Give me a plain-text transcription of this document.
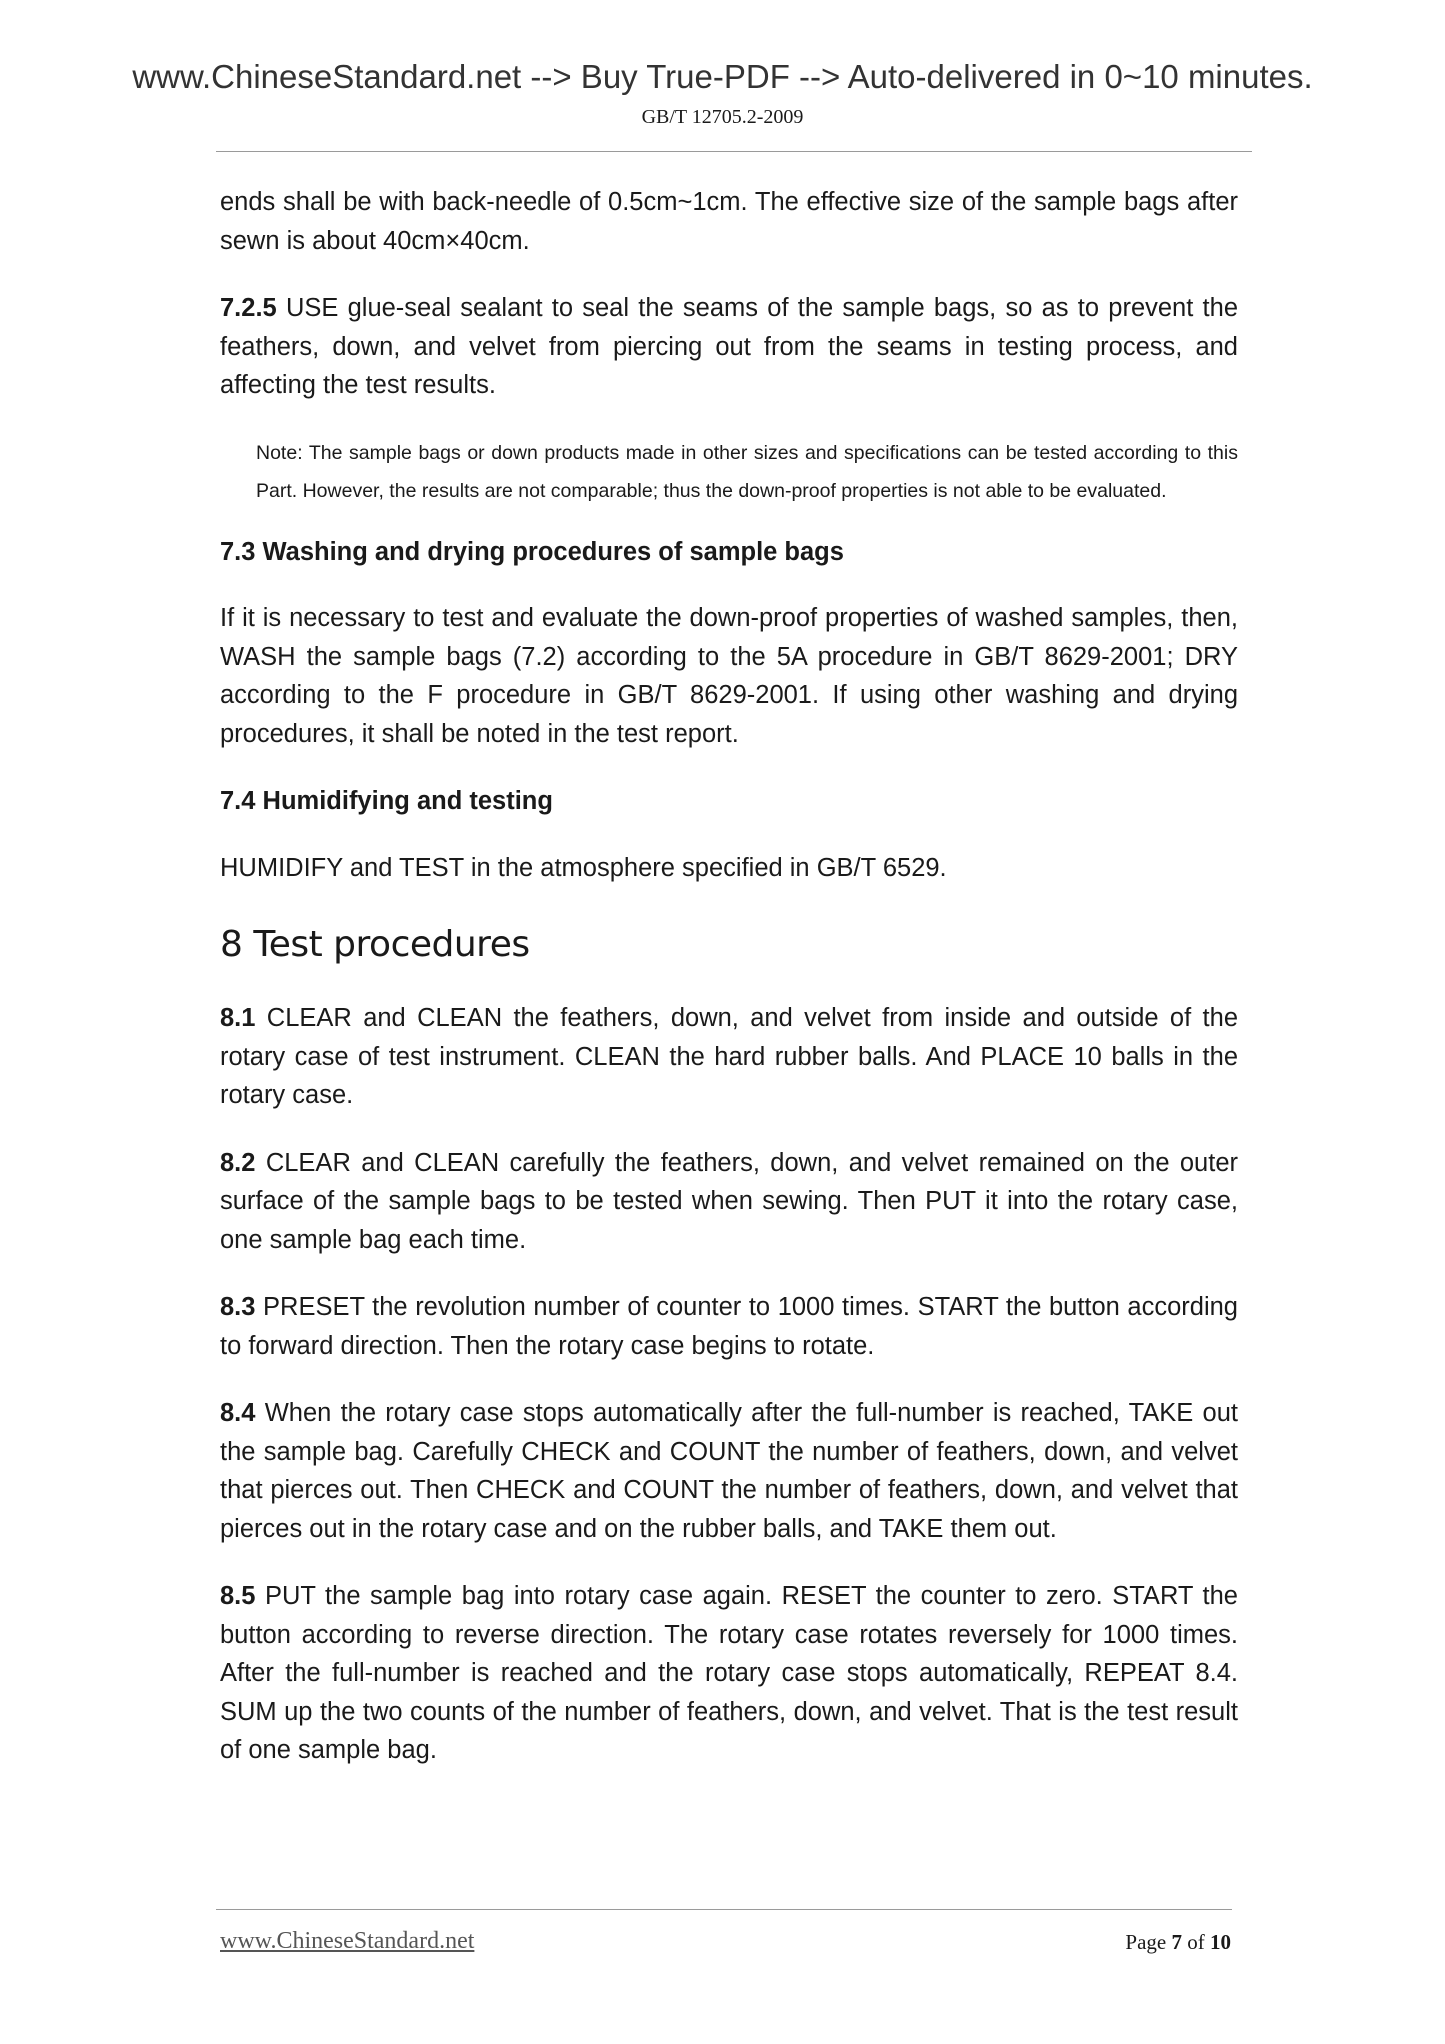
www.ChineseStandard.net --> Buy True-PDF --> Auto-delivered in 0~10 minutes.
GB/T 12705.2-2009

ends shall be with back-needle of 0.5cm~1cm. The effective size of the sample bags after sewn is about 40cm×40cm.

7.2.5 USE glue-seal sealant to seal the seams of the sample bags, so as to prevent the feathers, down, and velvet from piercing out from the seams in testing process, and affecting the test results.

Note: The sample bags or down products made in other sizes and specifications can be tested according to this Part. However, the results are not comparable; thus the down-proof properties is not able to be evaluated.

7.3 Washing and drying procedures of sample bags

If it is necessary to test and evaluate the down-proof properties of washed samples, then, WASH the sample bags (7.2) according to the 5A procedure in GB/T 8629-2001; DRY according to the F procedure in GB/T 8629-2001. If using other washing and drying procedures, it shall be noted in the test report.

7.4 Humidifying and testing

HUMIDIFY and TEST in the atmosphere specified in GB/T 6529.

8 Test procedures

8.1 CLEAR and CLEAN the feathers, down, and velvet from inside and outside of the rotary case of test instrument. CLEAN the hard rubber balls. And PLACE 10 balls in the rotary case.

8.2 CLEAR and CLEAN carefully the feathers, down, and velvet remained on the outer surface of the sample bags to be tested when sewing. Then PUT it into the rotary case, one sample bag each time.

8.3 PRESET the revolution number of counter to 1000 times. START the button according to forward direction. Then the rotary case begins to rotate.

8.4 When the rotary case stops automatically after the full-number is reached, TAKE out the sample bag. Carefully CHECK and COUNT the number of feathers, down, and velvet that pierces out. Then CHECK and COUNT the number of feathers, down, and velvet that pierces out in the rotary case and on the rubber balls, and TAKE them out.

8.5 PUT the sample bag into rotary case again. RESET the counter to zero. START the button according to reverse direction. The rotary case rotates reversely for 1000 times. After the full-number is reached and the rotary case stops automatically, REPEAT 8.4. SUM up the two counts of the number of feathers, down, and velvet. That is the test result of one sample bag.

www.ChineseStandard.net	Page 7 of 10
